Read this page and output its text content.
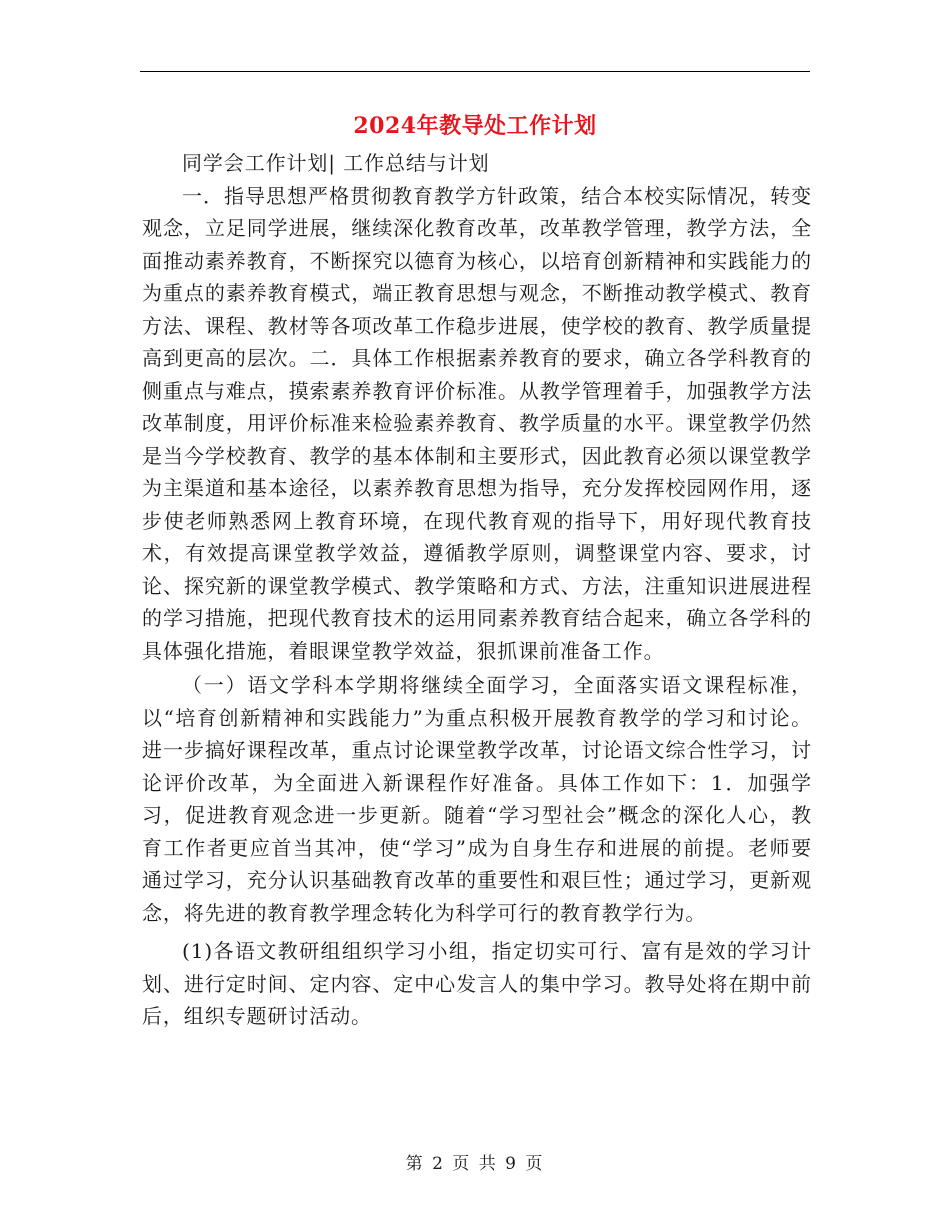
2024年教导处工作计划

同学会工作计划| 工作总结与计划

一．指导思想严格贯彻教育教学方针政策，结合本校实际情况，转变观念，立足同学进展，继续深化教育改革，改革教学管理，教学方法，全面推动素养教育，不断探究以德育为核心，以培育创新精神和实践能力的为重点的素养教育模式，端正教育思想与观念，不断推动教学模式、教育方法、课程、教材等各项改革工作稳步进展，使学校的教育、教学质量提高到更高的层次。二．具体工作根据素养教育的要求，确立各学科教育的侧重点与难点，摸索素养教育评价标准。从教学管理着手，加强教学方法改革制度，用评价标准来检验素养教育、教学质量的水平。课堂教学仍然是当今学校教育、教学的基本体制和主要形式，因此教育必须以课堂教学为主渠道和基本途径，以素养教育思想为指导，充分发挥校园网作用，逐步使老师熟悉网上教育环境，在现代教育观的指导下，用好现代教育技术，有效提高课堂教学效益，遵循教学原则，调整课堂内容、要求，讨论、探究新的课堂教学模式、教学策略和方式、方法，注重知识进展进程的学习措施，把现代教育技术的运用同素养教育结合起来，确立各学科的具体强化措施，着眼课堂教学效益，狠抓课前准备工作。

（一）语文学科本学期将继续全面学习，全面落实语文课程标准，以“培育创新精神和实践能力”为重点积极开展教育教学的学习和讨论。进一步搞好课程改革，重点讨论课堂教学改革，讨论语文综合性学习，讨论评价改革，为全面进入新课程作好准备。具体工作如下：1．加强学习，促进教育观念进一步更新。随着“学习型社会”概念的深化人心，教育工作者更应首当其冲，使“学习”成为自身生存和进展的前提。老师要通过学习，充分认识基础教育改革的重要性和艰巨性；通过学习，更新观念，将先进的教育教学理念转化为科学可行的教育教学行为。

(1)各语文教研组组织学习小组，指定切实可行、富有是效的学习计划、进行定时间、定内容、定中心发言人的集中学习。教导处将在期中前后，组织专题研讨活动。

第 2 页 共 9 页
